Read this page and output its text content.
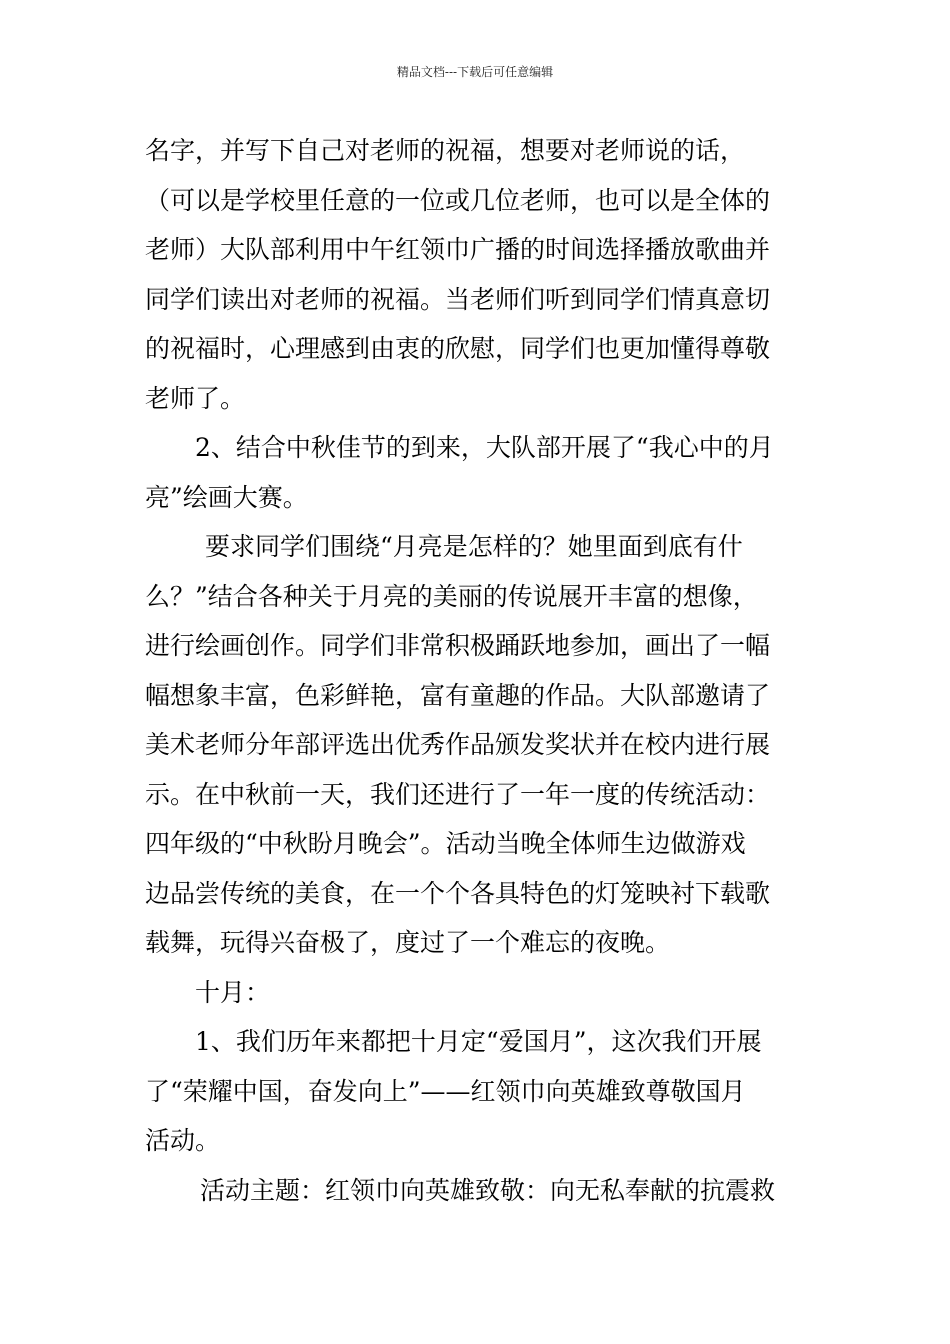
精品文档---下载后可任意编辑
名字，并写下自己对老师的祝福，想要对老师说的话，
（可以是学校里任意的一位或几位老师，也可以是全体的
老师）大队部利用中午红领巾广播的时间选择播放歌曲并
同学们读出对老师的祝福。当老师们听到同学们情真意切
的祝福时，心理感到由衷的欣慰，同学们也更加懂得尊敬
老师了。
2、结合中秋佳节的到来，大队部开展了“我心中的月
亮”绘画大赛。
要求同学们围绕“月亮是怎样的？她里面到底有什
么？”结合各种关于月亮的美丽的传说展开丰富的想像，
进行绘画创作。同学们非常积极踊跃地参加，画出了一幅
幅想象丰富，色彩鲜艳，富有童趣的作品。大队部邀请了
美术老师分年部评选出优秀作品颁发奖状并在校内进行展
示。在中秋前一天，我们还进行了一年一度的传统活动：
四年级的“中秋盼月晚会”。活动当晚全体师生边做游戏
边品尝传统的美食，在一个个各具特色的灯笼映衬下载歌
载舞，玩得兴奋极了，度过了一个难忘的夜晚。
十月：
1、我们历年来都把十月定“爱国月”，这次我们开展
了“荣耀中国，奋发向上”——红领巾向英雄致尊敬国月
活动。
活动主题：红领巾向英雄致敬：向无私奉献的抗震救
